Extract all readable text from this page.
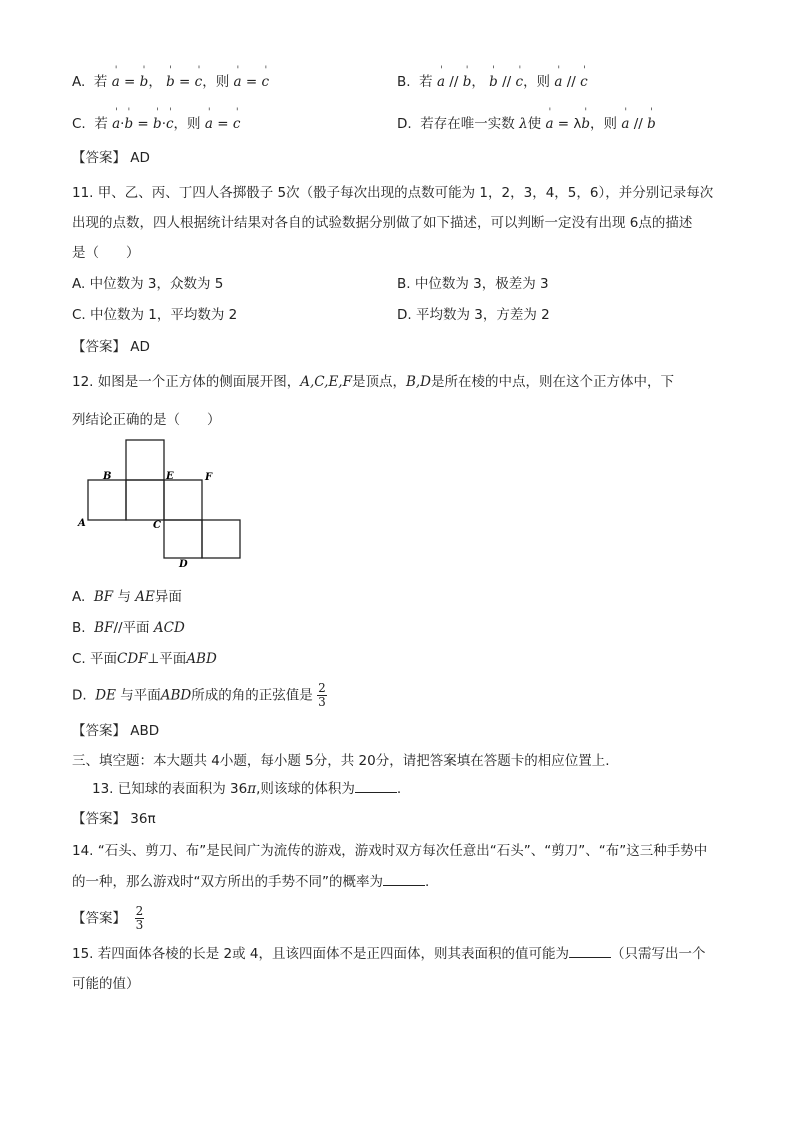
A. 若 ' a = ' b， ' b = ' c，则 ' a = ' c	B. 若 ' a // ' b， ' b // ' c，则 ' a // ' c
C. 若 ' a·' b = ' b·' c，则 ' a = ' c	D. 若存在唯一实数 λ使 ' a = λ' b，则 ' a // ' b
【答案】 AD
11. 甲、乙、丙、丁四人各掷骰子 5次（骰子每次出现的点数可能为 1，2，3，4，5，6），并分别记录每次
出现的点数，四人根据统计结果对各自的试验数据分别做了如下描述，可以判断一定没有出现 6点的描述
是（　　）
A. 中位数为 3，众数为 5	B. 中位数为 3，极差为 3
C. 中位数为 1，平均数为 2	D. 平均数为 3，方差为 2
【答案】 AD
12. 如图是一个正方体的侧面展开图，A,C,E,F是顶点，B,D是所在棱的中点，则在这个正方体中，下
列结论正确的是（　　）
B	E	F
A	C
D
A. BF 与 AE异面
B. BF//平面 ACD
C. 平面CDF⊥平面ABD
D. DE 与平面ABD所成的角的正弦值是 $\frac{2}{3}$
【答案】 ABD
三、填空题：本大题共 4小题，每小题 5分，共 20分，请把答案填在答题卡的相应位置上.
13. 已知球的表面积为 36π,则该球的体积为	.
【答案】 36π
14. “石头、剪刀、布”是民间广为流传的游戏，游戏时双方每次任意出“石头”、“剪刀”、“布”这三种手势中
的一种，那么游戏时“双方所出的手势不同”的概率为	.
【答案】 $\frac{2}{3}$
15. 若四面体各棱的长是 2或 4，且该四面体不是正四面体，则其表面积的值可能为	（只需写出一个
可能的值）
